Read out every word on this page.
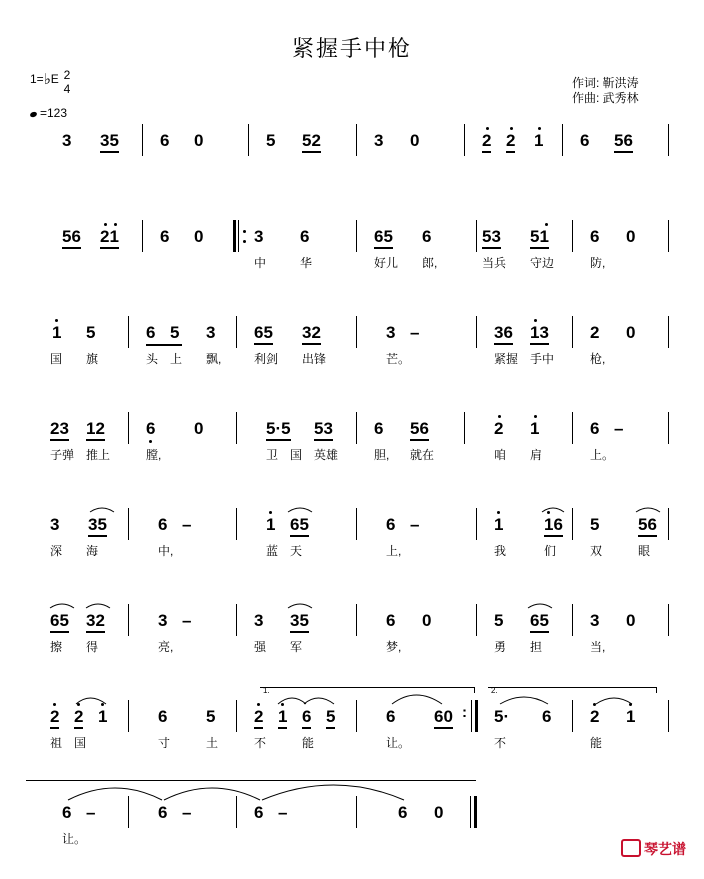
紧握手中枪
1=♭E 2
4
=123
作词: 靳洪涛
作曲: 武秀林
3 35 6 0	5 52	3 0	2 2 1 6 56
56 21 6 0	3 6	65 6	53 51 6 0
中	华	好儿 郎,	当兵 守边	防,
1 5	6 5 3 65 32	3 –	36 13 2 0
国 旗	头 上 飘,	利剑 出锋	芒。	紧握 手中	枪,
23 12 6 0	5·5 53 6 56	2 1	6 –
子弹 推上	膛,	卫 国 英雄	胆, 就在	咱 肩	上。
3 35	6 –	1 65	6 –	1 16 5 56
深 海	中,	蓝 天	上,	我	们	双	眼
65 32	3 –	3 35	6 0	5 65 3 0
擦 得	亮,	强 军	梦,	勇 担	当,
1.	2.
2 2 1	6 5 2 1 6 5	6 60 : 5· 6 2 1
祖 国	寸	土	不	能	让。	不	能
6 –	6 –	6 –	6 0
让。
琴艺谱
